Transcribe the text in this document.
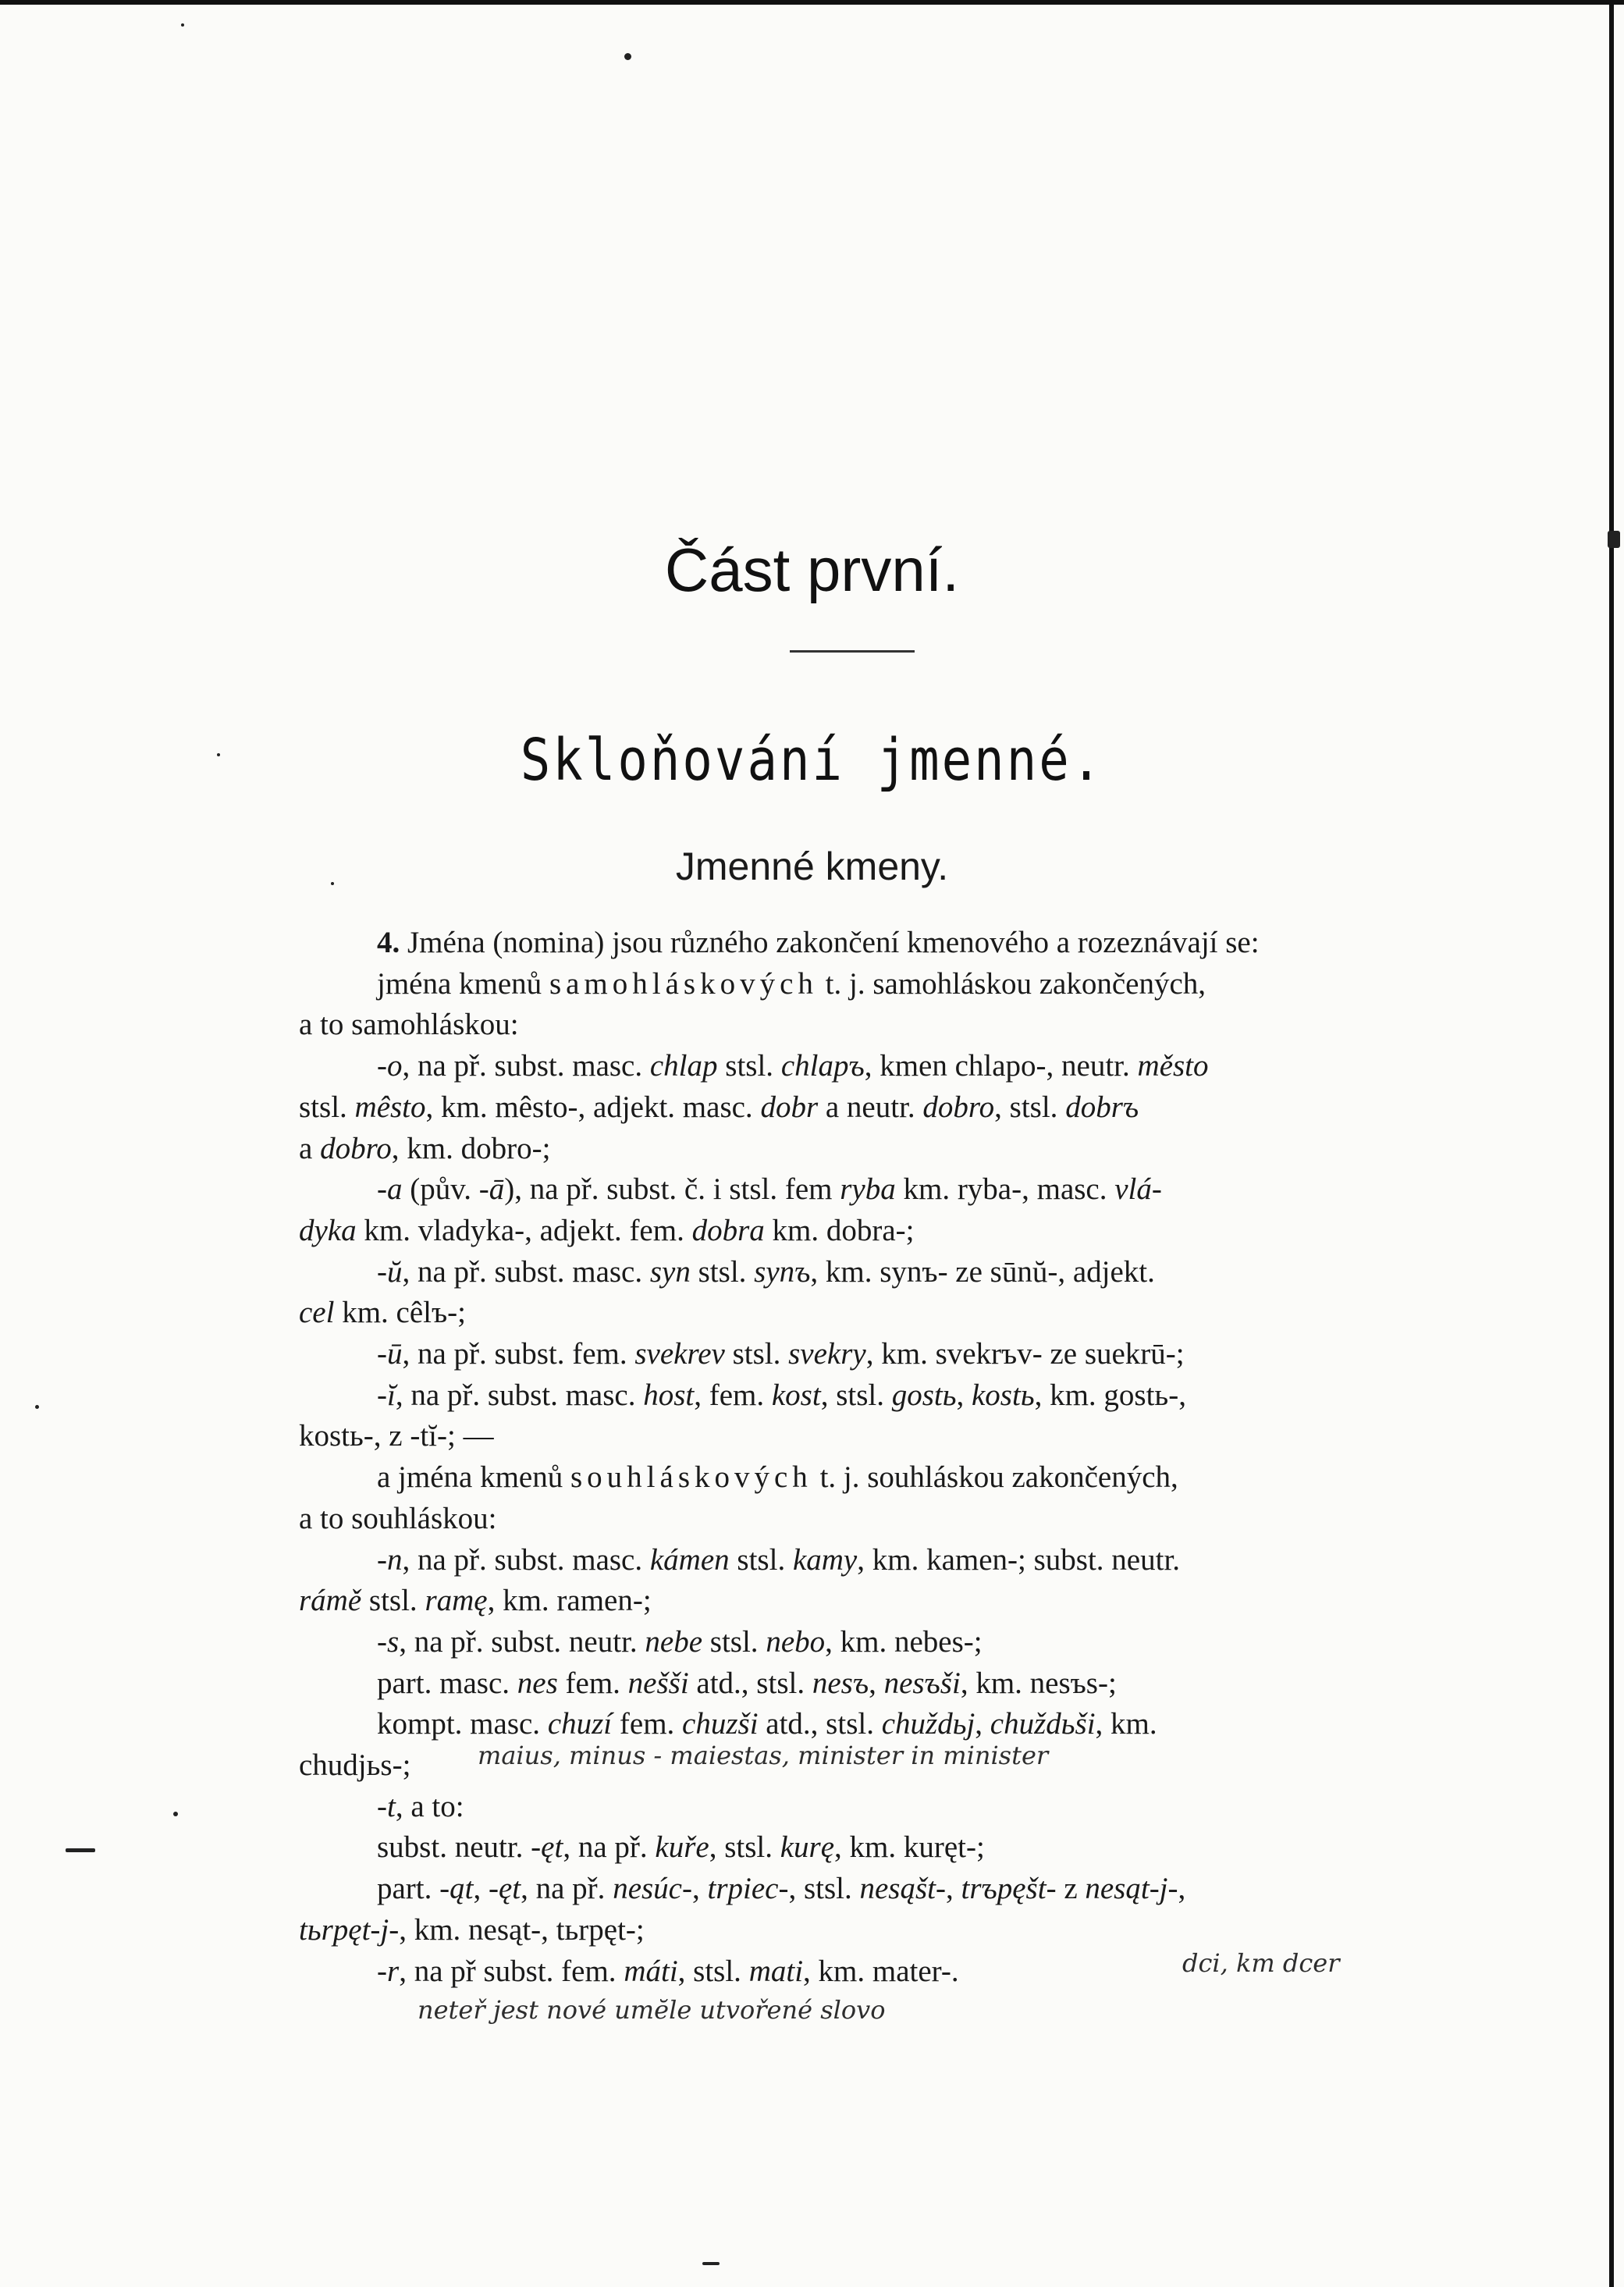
Část první.
Skloňování jmenné.
Jmenné kmeny.

4. Jména (nomina) jsou různého zakončení kmenového a rozeznávají se:

jména kmenů samohláskových t. j. samohláskou zakončených,

a to samohláskou:

-o, na př. subst. masc. chlap stsl. chlapъ, kmen chlapo-, neutr. město

stsl. mêsto, km. mêsto-, adjekt. masc. dobr a neutr. dobro, stsl. dobrъ

a dobro, km. dobro-;

-a (pův. -ā), na př. subst. č. i stsl. fem ryba km. ryba-, masc. vlá-

dyka km. vladyka-, adjekt. fem. dobra km. dobra-;

-ŭ, na př. subst. masc. syn stsl. synъ, km. synъ- ze sūnŭ-, adjekt.

cel km. cêlъ-;

-ū, na př. subst. fem. svekrev stsl. svekry, km. svekrъv- ze suekrū-;

-ĭ, na př. subst. masc. host, fem. kost, stsl. gostь, kostь, km. gostь-,

kostь-, z -tĭ-; —

a jména kmenů souhláskových t. j. souhláskou zakončených,

a to souhláskou:

-n, na př. subst. masc. kámen stsl. kamy, km. kamen-; subst. neutr.

rámě stsl. ramę, km. ramen-;

-s, na př. subst. neutr. nebe stsl. nebo, km. nebes-;

part. masc. nes fem. nešši atd., stsl. nesъ, nesъši, km. nesъs-;

kompt. masc. chuzí fem. chuzši atd., stsl. chuždьj, chuždьši, km.

chudjьs-;

-t, a to:

subst. neutr. -ęt, na př. kuře, stsl. kurę, km. kuręt-;

part. -ąt, -ęt, na př. nesúc-, trpiec-, stsl. nesąšt-, trъpęšt- z nesąt-j-,

tьrpęt-j-, km. nesąt-, tьrpęt-;

-r, na př subst. fem. máti, stsl. mati, km. mater-.

maius, minus - maiestas, minister in minister
dci, km dcer
neteř jest nové umĕle utvořené slovo
